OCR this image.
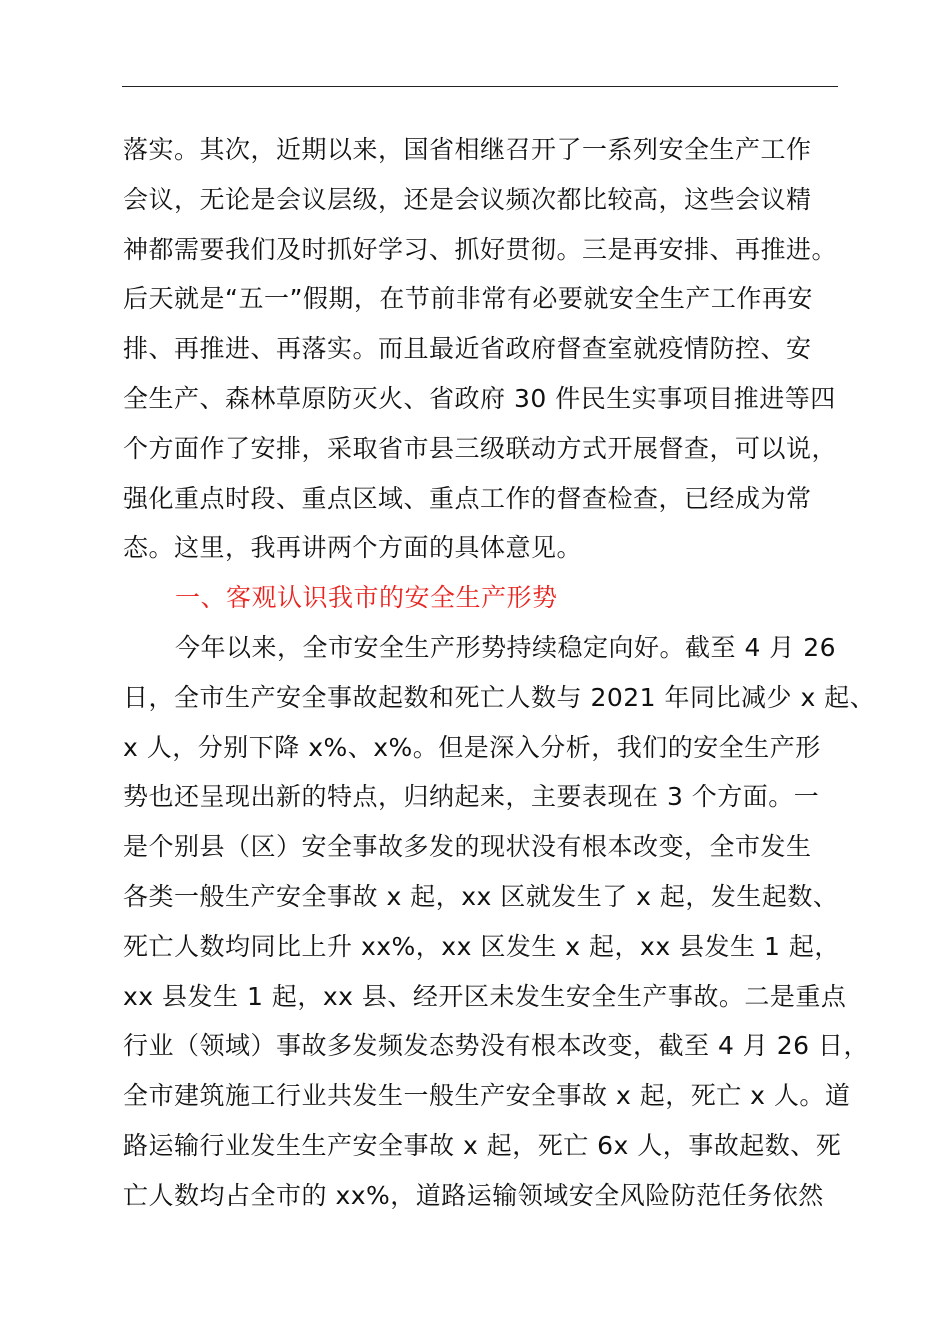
落实。其次，近期以来，国省相继召开了一系列安全生产工作
会议，无论是会议层级，还是会议频次都比较高，这些会议精
神都需要我们及时抓好学习、抓好贯彻。三是再安排、再推进。
后天就是“五一”假期，在节前非常有必要就安全生产工作再安
排、再推进、再落实。而且最近省政府督查室就疫情防控、安
全生产、森林草原防灭火、省政府 30 件民生实事项目推进等四
个方面作了安排，采取省市县三级联动方式开展督查，可以说，
强化重点时段、重点区域、重点工作的督查检查，已经成为常
态。这里，我再讲两个方面的具体意见。
一、客观认识我市的安全生产形势
今年以来，全市安全生产形势持续稳定向好。截至 4 月 26
日，全市生产安全事故起数和死亡人数与 2021 年同比减少 x 起、
x 人，分别下降 x%、x%。但是深入分析，我们的安全生产形
势也还呈现出新的特点，归纳起来，主要表现在 3 个方面。一
是个别县（区）安全事故多发的现状没有根本改变，全市发生
各类一般生产安全事故 x 起，xx 区就发生了 x 起，发生起数、
死亡人数均同比上升 xx%，xx 区发生 x 起，xx 县发生 1 起，
xx 县发生 1 起，xx 县、经开区未发生安全生产事故。二是重点
行业（领域）事故多发频发态势没有根本改变，截至 4 月 26 日，
全市建筑施工行业共发生一般生产安全事故 x 起，死亡 x 人。道
路运输行业发生生产安全事故 x 起，死亡 6x 人，事故起数、死
亡人数均占全市的 xx%，道路运输领域安全风险防范任务依然
